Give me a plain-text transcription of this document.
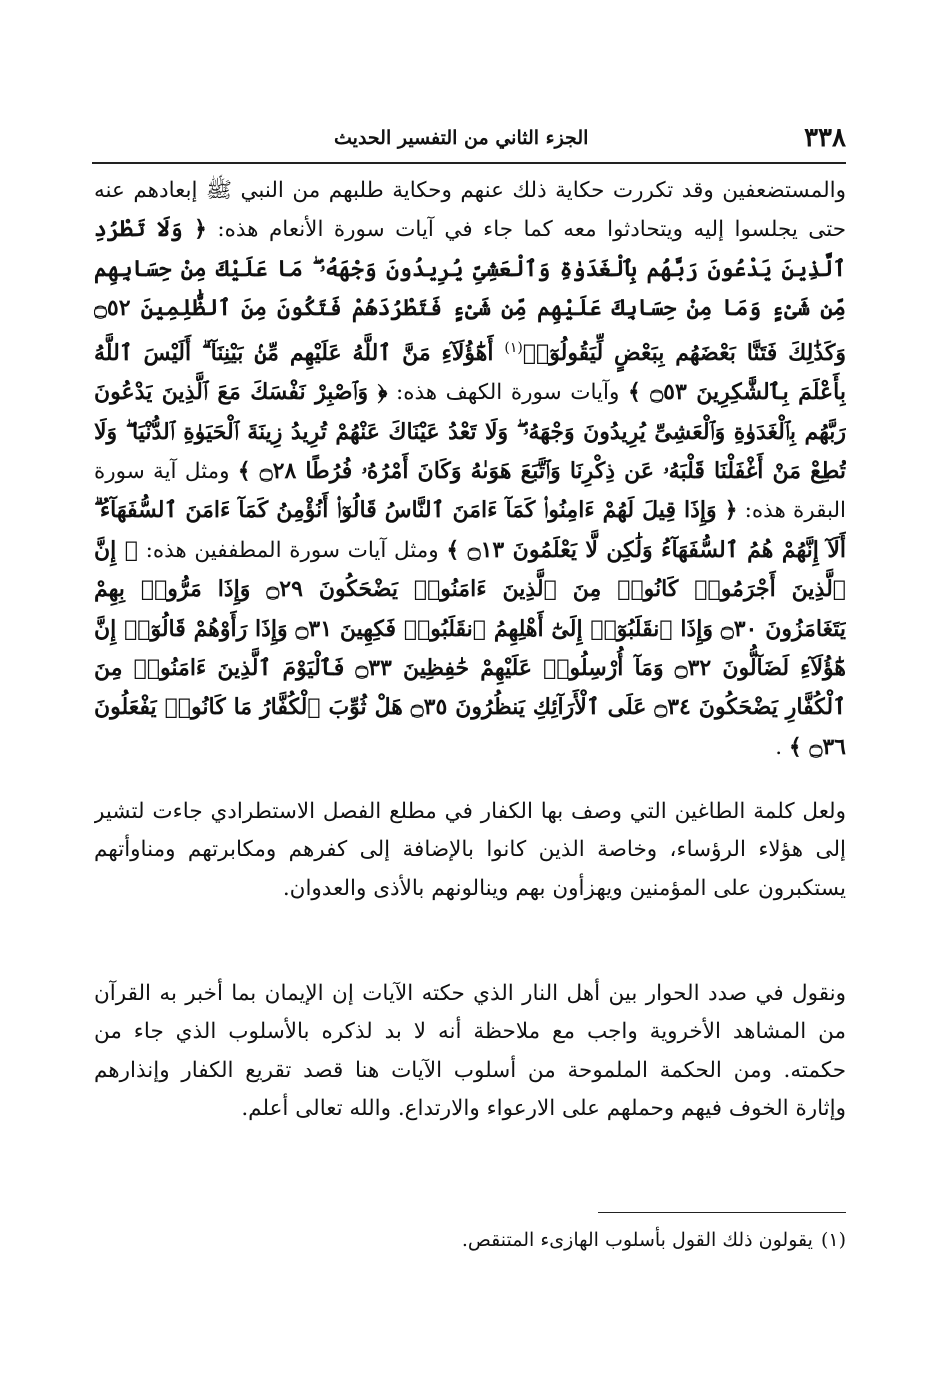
٣٣٨
الجزء الثاني من التفسير الحديث

والمستضعفين وقد تكررت حكاية ذلك عنهم وحكاية طلبهم من النبي ﷺ إبعادهم عنه حتى يجلسوا إليه ويتحادثوا معه كما جاء في آيات سورة الأنعام هذه: ﴿ وَلَا تَطْرُدِ ٱلَّذِينَ يَدْعُونَ رَبَّهُم بِٱلْغَدَوٰةِ وَٱلْعَشِىِّ يُرِيدُونَ وَجْهَهُۥ ۖ مَا عَلَيْكَ مِنْ حِسَابِهِم مِّن شَىْءٍ وَمَا مِنْ حِسَابِكَ عَلَيْهِم مِّن شَىْءٍ فَتَطْرُدَهُمْ فَتَكُونَ مِنَ ٱلظَّٰلِمِينَ ۝٥٢ وَكَذَٰلِكَ فَتَنَّا بَعْضَهُم بِبَعْضٍ لِّيَقُولُوٓا۟$^{(١)}$ أَهَٰٓؤُلَآءِ مَنَّ ٱللَّهُ عَلَيْهِم مِّنۢ بَيْنِنَآ ۗ أَلَيْسَ ٱللَّهُ بِأَعْلَمَ بِٱلشَّٰكِرِينَ ۝٥٣ ﴾ وآيات سورة الكهف هذه: ﴿ وَٱصْبِرْ نَفْسَكَ مَعَ ٱلَّذِينَ يَدْعُونَ رَبَّهُم بِٱلْغَدَوٰةِ وَٱلْعَشِىِّ يُرِيدُونَ وَجْهَهُۥ ۖ وَلَا تَعْدُ عَيْنَاكَ عَنْهُمْ تُرِيدُ زِينَةَ ٱلْحَيَوٰةِ ٱلدُّنْيَا ۖ وَلَا تُطِعْ مَنْ أَغْفَلْنَا قَلْبَهُۥ عَن ذِكْرِنَا وَٱتَّبَعَ هَوَىٰهُ وَكَانَ أَمْرُهُۥ فُرُطًا ۝٢٨ ﴾ ومثل آية سورة البقرة هذه: ﴿ وَإِذَا قِيلَ لَهُمْ ءَامِنُوا۟ كَمَآ ءَامَنَ ٱلنَّاسُ قَالُوٓا۟ أَنُؤْمِنُ كَمَآ ءَامَنَ ٱلسُّفَهَآءُ ۗ أَلَآ إِنَّهُمْ هُمُ ٱلسُّفَهَآءُ وَلَٰكِن لَّا يَعْلَمُونَ ۝١٣ ﴾ ومثل آيات سورة المطففين هذه: ﴿ إِنَّ ٱلَّذِينَ أَجْرَمُوا۟ كَانُوا۟ مِنَ ٱلَّذِينَ ءَامَنُوا۟ يَضْحَكُونَ ۝٢٩ وَإِذَا مَرُّوا۟ بِهِمْ يَتَغَامَزُونَ ۝٣٠ وَإِذَا ٱنقَلَبُوٓا۟ إِلَىٰٓ أَهْلِهِمُ ٱنقَلَبُوا۟ فَكِهِينَ ۝٣١ وَإِذَا رَأَوْهُمْ قَالُوٓا۟ إِنَّ هَٰٓؤُلَآءِ لَضَآلُّونَ ۝٣٢ وَمَآ أُرْسِلُوا۟ عَلَيْهِمْ حَٰفِظِينَ ۝٣٣ فَٱلْيَوْمَ ٱلَّذِينَ ءَامَنُوا۟ مِنَ ٱلْكُفَّارِ يَضْحَكُونَ ۝٣٤ عَلَى ٱلْأَرَآئِكِ يَنظُرُونَ ۝٣٥ هَلْ ثُوِّبَ ٱلْكُفَّارُ مَا كَانُوا۟ يَفْعَلُونَ ۝٣٦ ﴾ .

ولعل كلمة الطاغين التي وصف بها الكفار في مطلع الفصل الاستطرادي جاءت لتشير إلى هؤلاء الرؤساء، وخاصة الذين كانوا بالإضافة إلى كفرهم ومكابرتهم ومناوأتهم يستكبرون على المؤمنين ويهزأون بهم وينالونهم بالأذى والعدوان.

ونقول في صدد الحوار بين أهل النار الذي حكته الآيات إن الإيمان بما أخبر به القرآن من المشاهد الأخروية واجب مع ملاحظة أنه لا بد لذكره بالأسلوب الذي جاء من حكمته. ومن الحكمة الملموحة من أسلوب الآيات هنا قصد تقريع الكفار وإنذارهم وإثارة الخوف فيهم وحملهم على الارعواء والارتداع. والله تعالى أعلم.

(١)يقولون ذلك القول بأسلوب الهازىء المتنقص.
